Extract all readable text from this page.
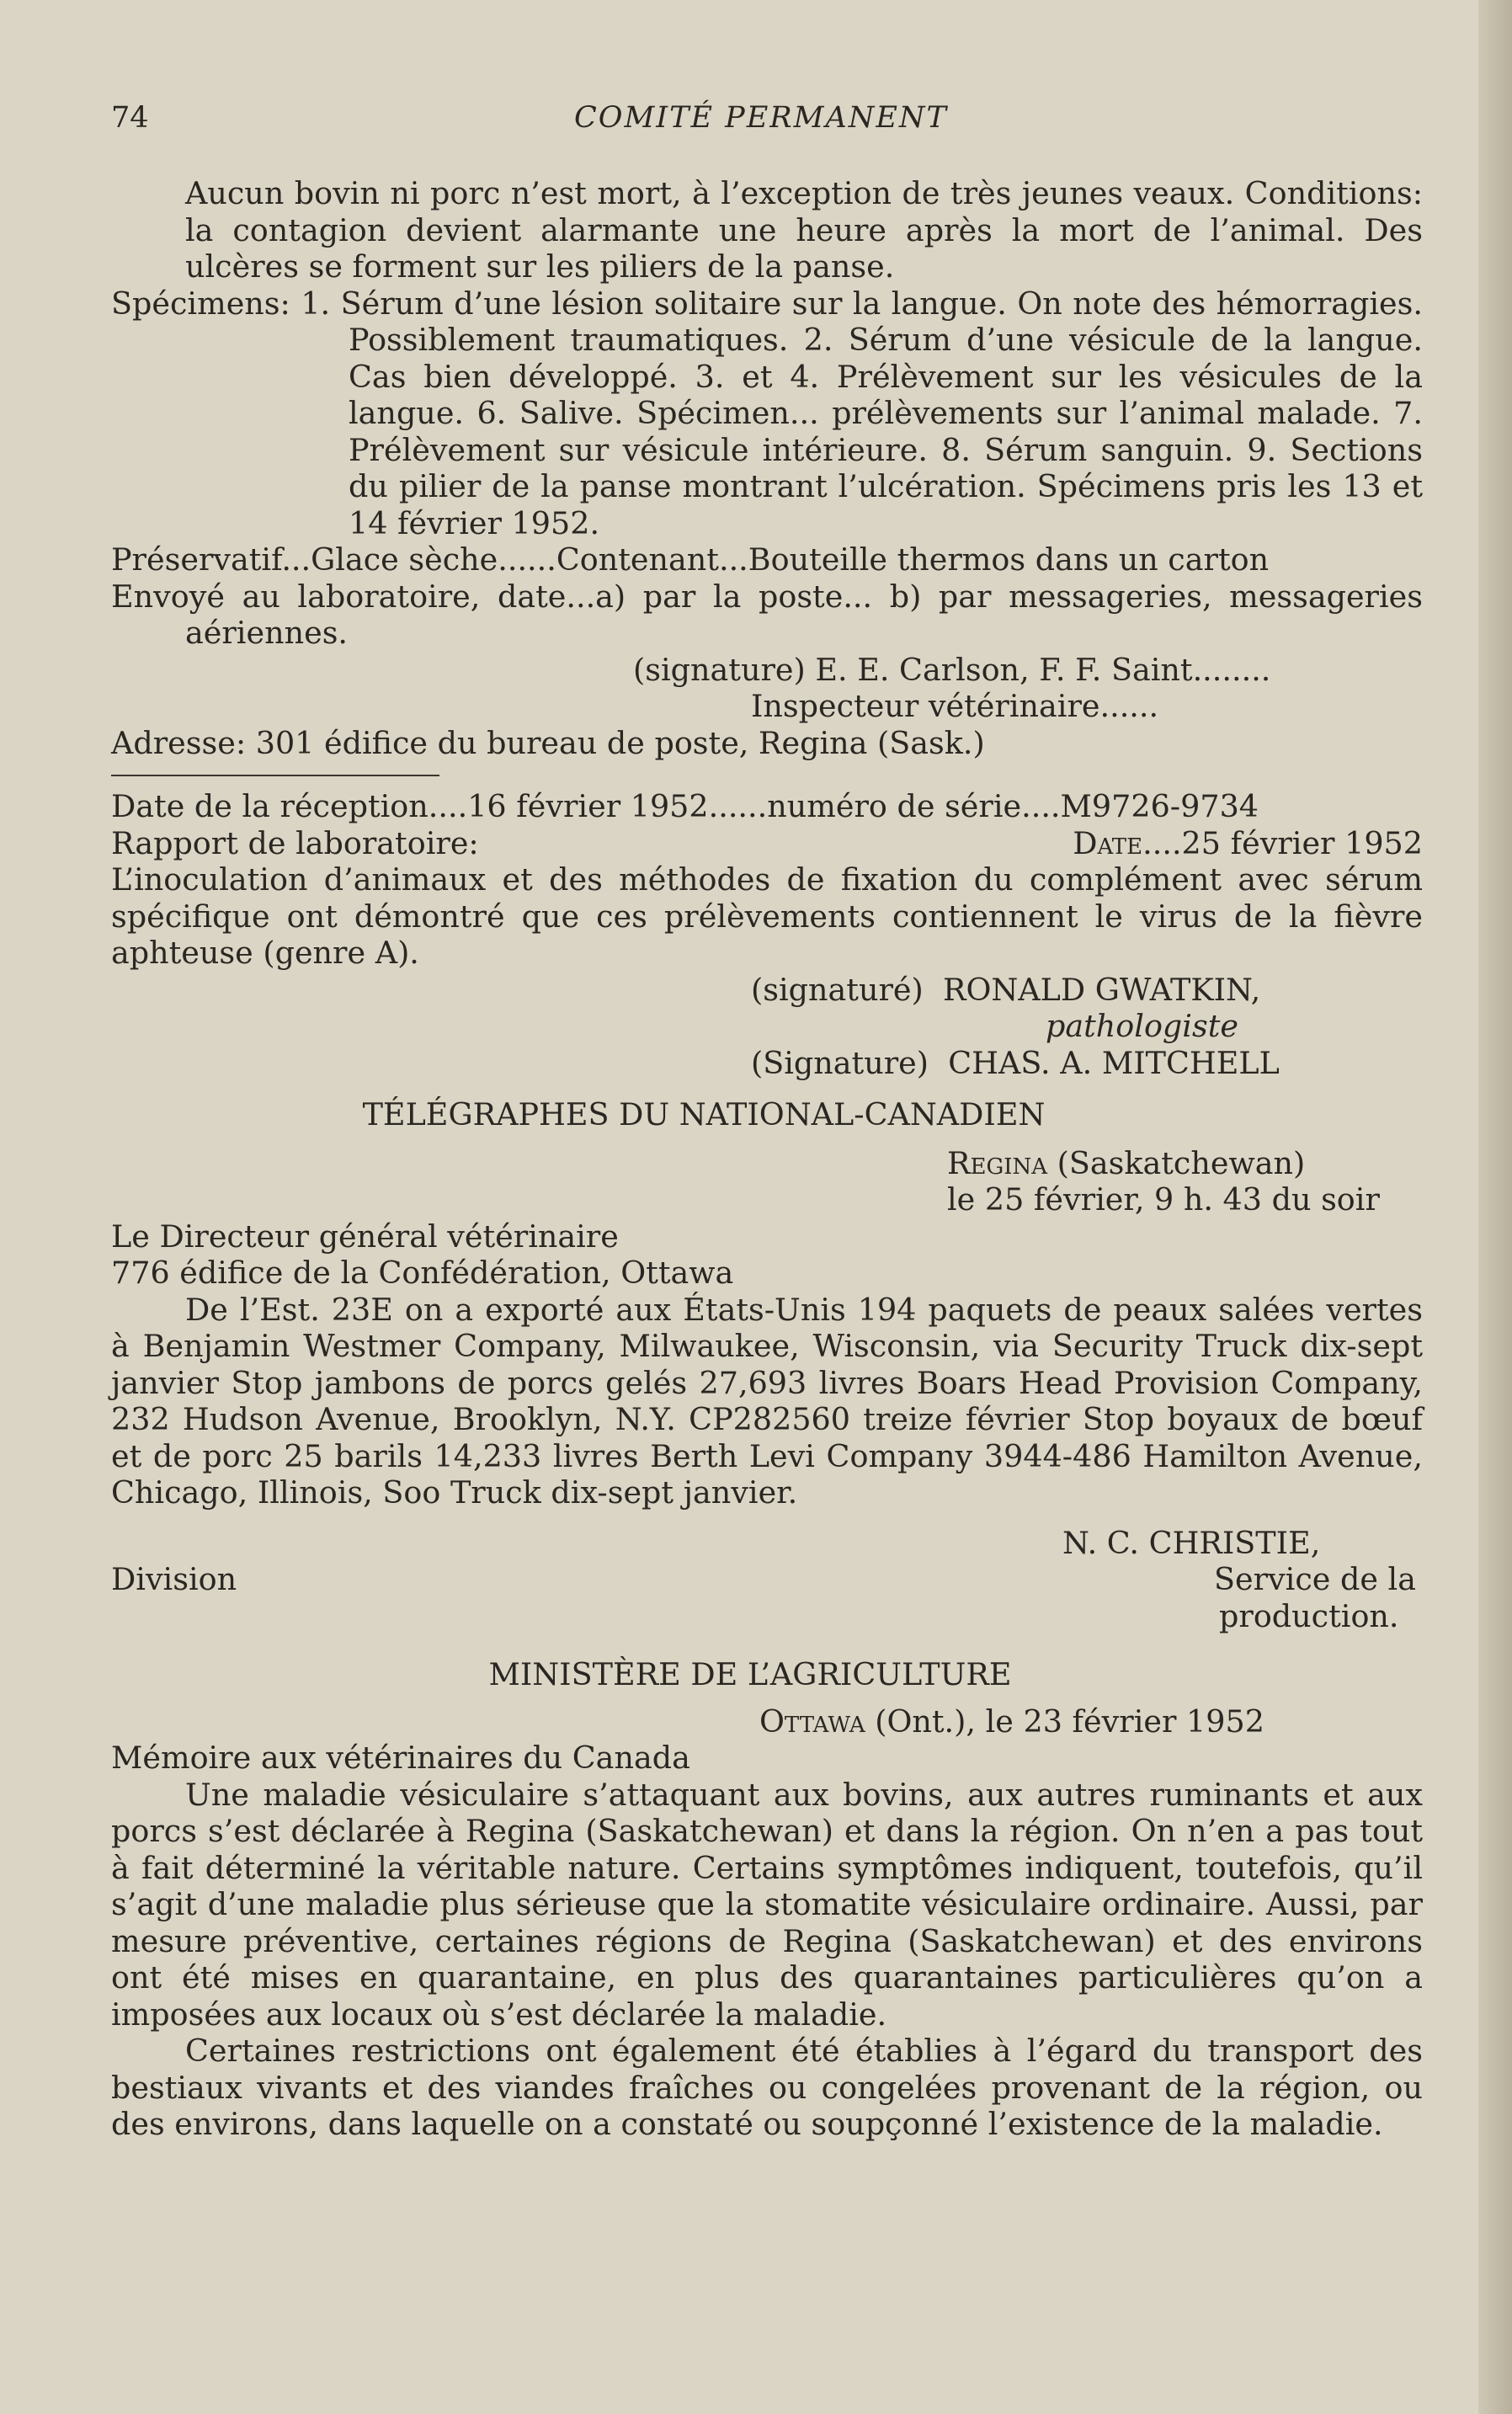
74	COMITÉ PERMANENT

Aucun bovin ni porc n’est mort, à l’exception de très jeunes veaux. Conditions: la contagion devient alarmante une heure après la mort de l’animal. Des ulcères se forment sur les piliers de la panse.

Spécimens: 1. Sérum d’une lésion solitaire sur la langue. On note des hémorragies. Possiblement traumatiques. 2. Sérum d’une vésicule de la langue. Cas bien développé. 3. et 4. Prélèvement sur les vésicules de la langue. 6. Salive. Spécimen... prélèvements sur l’animal malade. 7. Prélèvement sur vésicule intérieure. 8. Sérum sanguin. 9. Sections du pilier de la panse montrant l’ulcération. Spécimens pris les 13 et 14 février 1952.

Préservatif...Glace sèche......Contenant...Bouteille thermos dans un carton

Envoyé au laboratoire, date...a) par la poste... b) par messageries, messageries aériennes.

(signature) E. E. Carlson, F. F. Saint........

Inspecteur vétérinaire......

Adresse: 301 édifice du bureau de poste, Regina (Sask.)

Date de la réception....16 février 1952......numéro de série....M9726-9734

Rapport de laboratoire:	Date....25 février 1952

L’inoculation d’animaux et des méthodes de fixation du complément avec sérum spécifique ont démontré que ces prélèvements contiennent le virus de la fièvre aphteuse (genre A).

(signaturé) RONALD GWATKIN,
pathologiste
(Signature) CHAS. A. MITCHELL
TÉLÉGRAPHES DU NATIONAL-CANADIEN
Regina (Saskatchewan)
le 25 février, 9 h. 43 du soir

Le Directeur général vétérinaire

776 édifice de la Confédération, Ottawa

De l’Est. 23E on a exporté aux États-Unis 194 paquets de peaux salées vertes à Benjamin Westmer Company, Milwaukee, Wisconsin, via Security Truck dix-sept janvier Stop jambons de porcs gelés 27,693 livres Boars Head Provision Company, 232 Hudson Avenue, Brooklyn, N.Y. CP282560 treize février Stop boyaux de bœuf et de porc 25 barils 14,233 livres Berth Levi Company 3944-486 Hamilton Avenue, Chicago, Illinois, Soo Truck dix-sept janvier.

N. C. CHRISTIE,
Division	Service de la
production.
MINISTÈRE DE L’AGRICULTURE
Ottawa (Ont.), le 23 février 1952

Mémoire aux vétérinaires du Canada

Une maladie vésiculaire s’attaquant aux bovins, aux autres ruminants et aux porcs s’est déclarée à Regina (Saskatchewan) et dans la région. On n’en a pas tout à fait déterminé la véritable nature. Certains symptômes indiquent, toutefois, qu’il s’agit d’une maladie plus sérieuse que la stomatite vésiculaire ordinaire. Aussi, par mesure préventive, certaines régions de Regina (Saskatchewan) et des environs ont été mises en quarantaine, en plus des quarantaines particulières qu’on a imposées aux locaux où s’est déclarée la maladie.

Certaines restrictions ont également été établies à l’égard du transport des bestiaux vivants et des viandes fraîches ou congelées provenant de la région, ou des environs, dans laquelle on a constaté ou soupçonné l’existence de la maladie.
